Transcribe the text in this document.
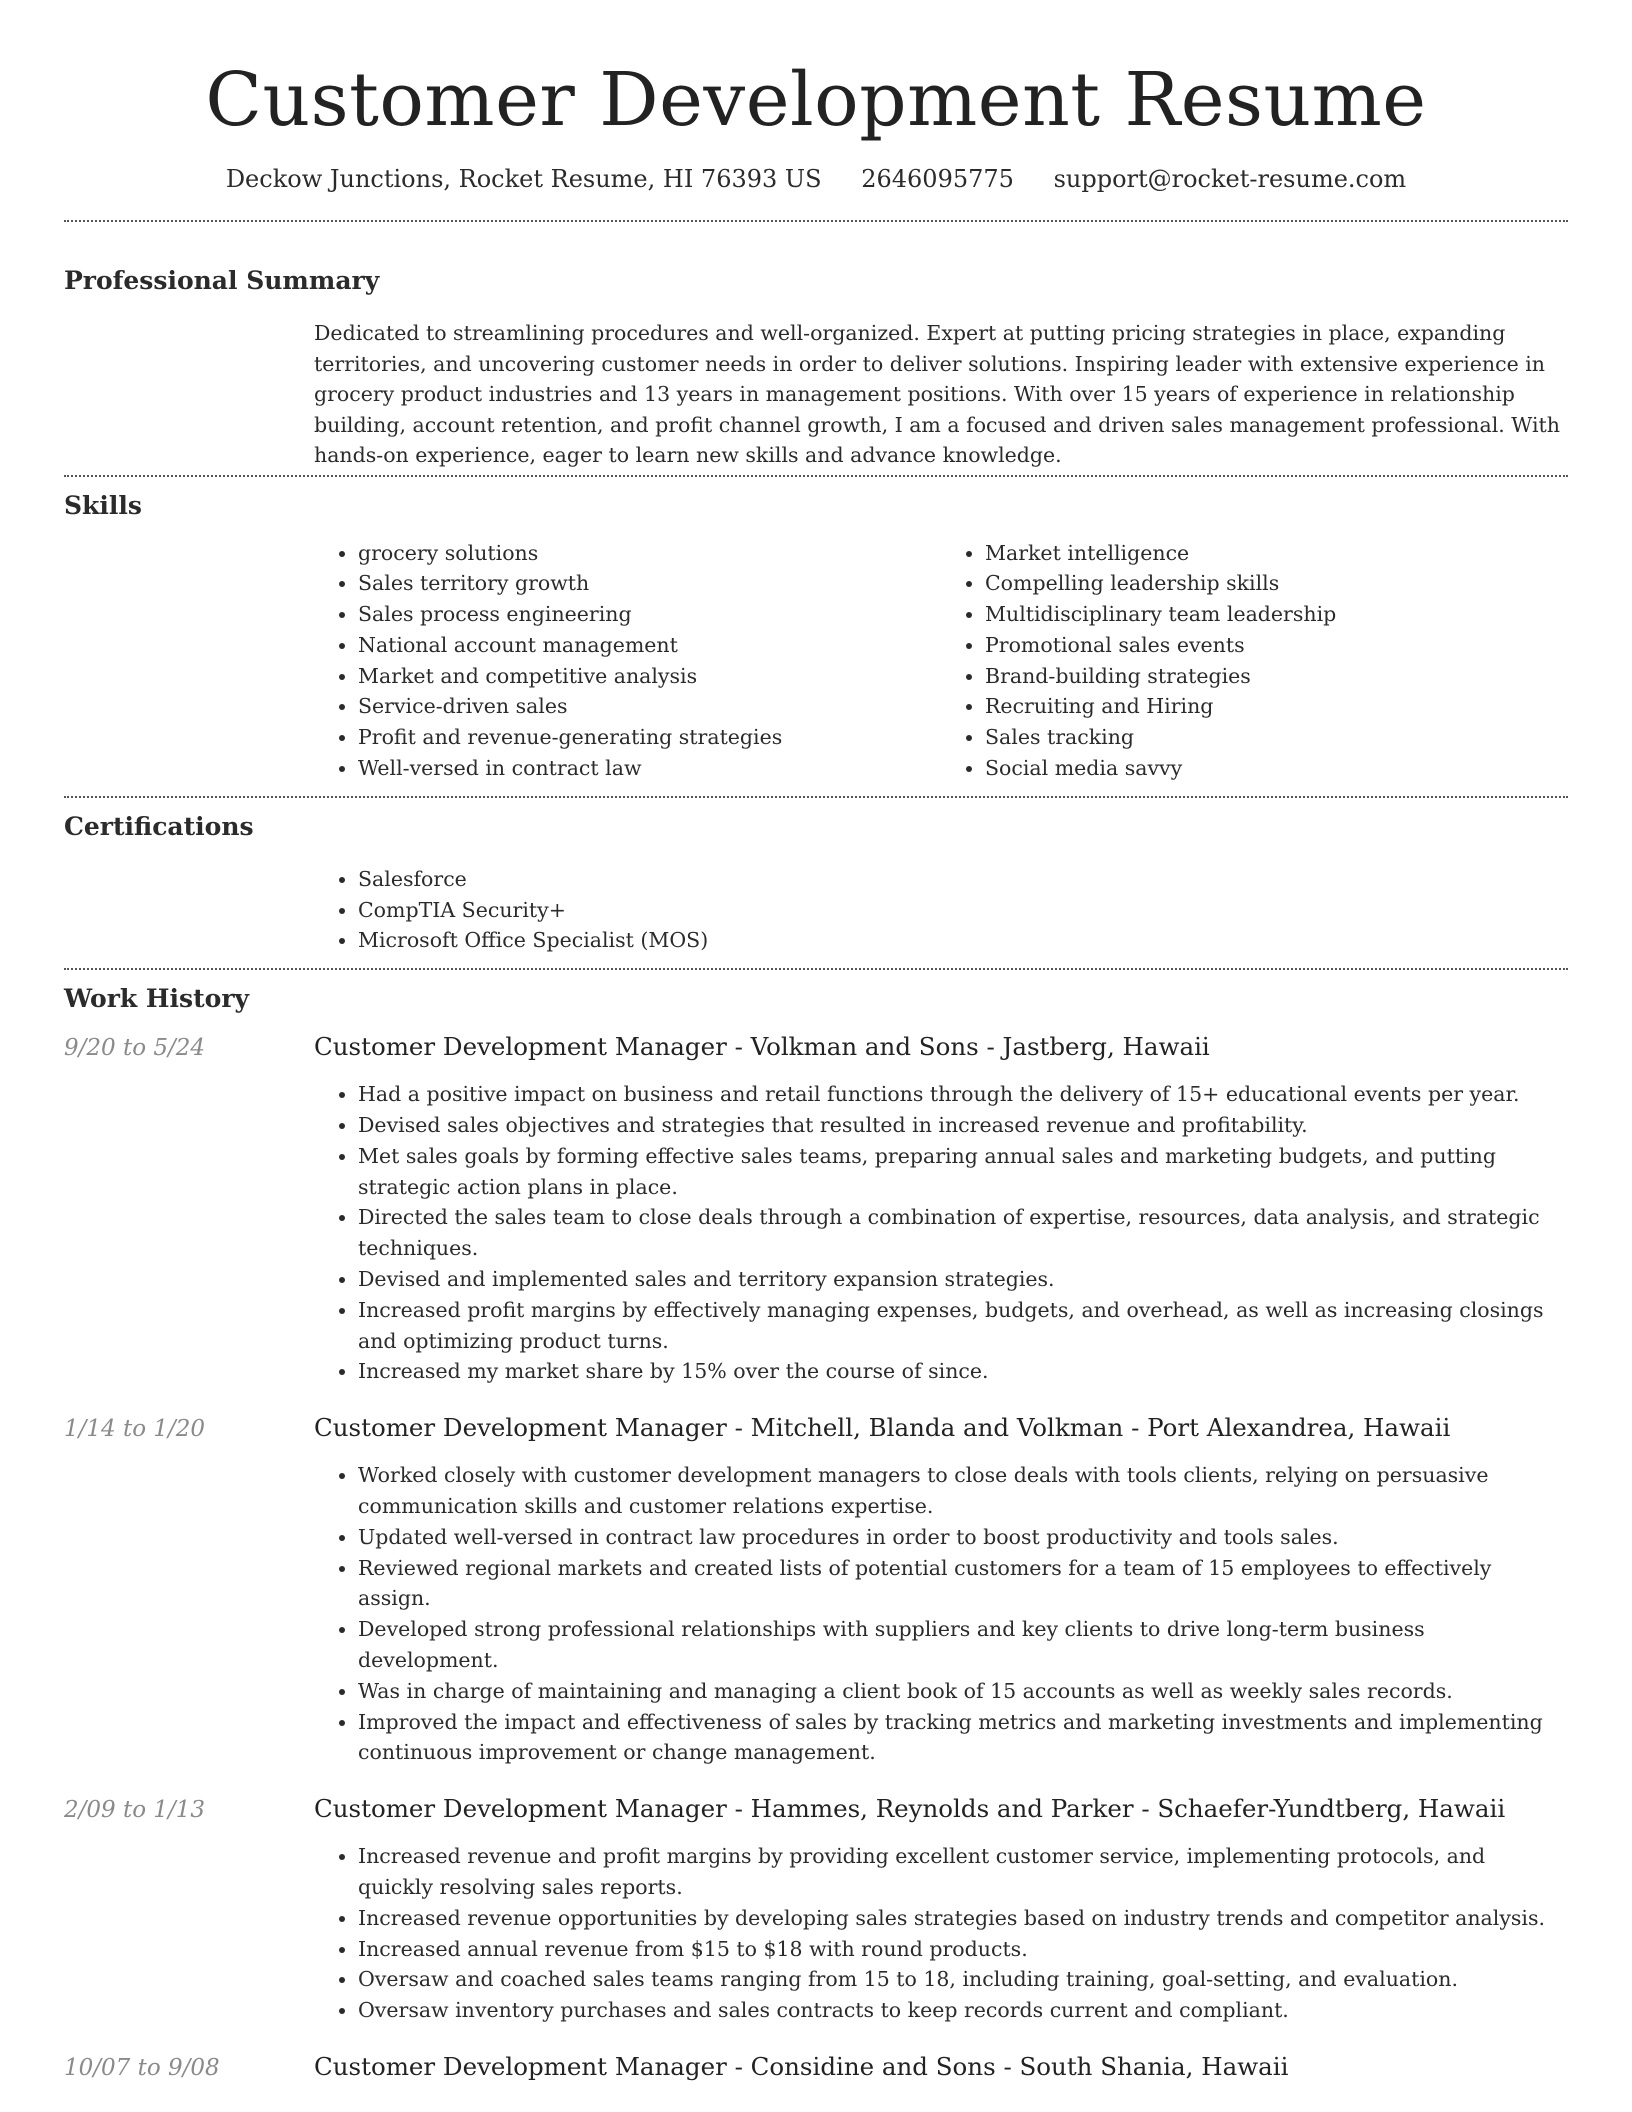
Customer Development Resume
Deckow Junctions, Rocket Resume, HI 76393 US 2646095775 support@rocket-resume.com
Professional Summary

Dedicated to streamlining procedures and well-organized. Expert at putting pricing strategies in place, expanding territories, and uncovering customer needs in order to deliver solutions. Inspiring leader with extensive experience in grocery product industries and 13 years in management positions. With over 15 years of experience in relationship building, account retention, and profit channel growth, I am a focused and driven sales management professional. With hands-on experience, eager to learn new skills and advance knowledge.

Skills
• grocery solutions
• Sales territory growth
• Sales process engineering
• National account management
• Market and competitive analysis
• Service-driven sales
• Profit and revenue-generating strategies
• Well-versed in contract law
• Market intelligence
• Compelling leadership skills
• Multidisciplinary team leadership
• Promotional sales events
• Brand-building strategies
• Recruiting and Hiring
• Sales tracking
• Social media savvy
Certifications
• Salesforce
• CompTIA Security+
• Microsoft Office Specialist (MOS)
Work History
9/20 to 5/24	Customer Development Manager - Volkman and Sons - Jastberg, Hawaii
• Had a positive impact on business and retail functions through the delivery of 15+ educational events per year.
• Devised sales objectives and strategies that resulted in increased revenue and profitability.
• Met sales goals by forming effective sales teams, preparing annual sales and marketing budgets, and putting strategic action plans in place.
• Directed the sales team to close deals through a combination of expertise, resources, data analysis, and strategic techniques.
• Devised and implemented sales and territory expansion strategies.
• Increased profit margins by effectively managing expenses, budgets, and overhead, as well as increasing closings and optimizing product turns.
• Increased my market share by 15% over the course of since.
1/14 to 1/20	Customer Development Manager - Mitchell, Blanda and Volkman - Port Alexandrea, Hawaii
• Worked closely with customer development managers to close deals with tools clients, relying on persuasive communication skills and customer relations expertise.
• Updated well-versed in contract law procedures in order to boost productivity and tools sales.
• Reviewed regional markets and created lists of potential customers for a team of 15 employees to effectively assign.
• Developed strong professional relationships with suppliers and key clients to drive long-term business development.
• Was in charge of maintaining and managing a client book of 15 accounts as well as weekly sales records.
• Improved the impact and effectiveness of sales by tracking metrics and marketing investments and implementing continuous improvement or change management.
2/09 to 1/13	Customer Development Manager - Hammes, Reynolds and Parker - Schaefer-Yundtberg, Hawaii
• Increased revenue and profit margins by providing excellent customer service, implementing protocols, and quickly resolving sales reports.
• Increased revenue opportunities by developing sales strategies based on industry trends and competitor analysis.
• Increased annual revenue from $15 to $18 with round products.
• Oversaw and coached sales teams ranging from 15 to 18, including training, goal-setting, and evaluation.
• Oversaw inventory purchases and sales contracts to keep records current and compliant.
10/07 to 9/08	Customer Development Manager - Considine and Sons - South Shania, Hawaii
